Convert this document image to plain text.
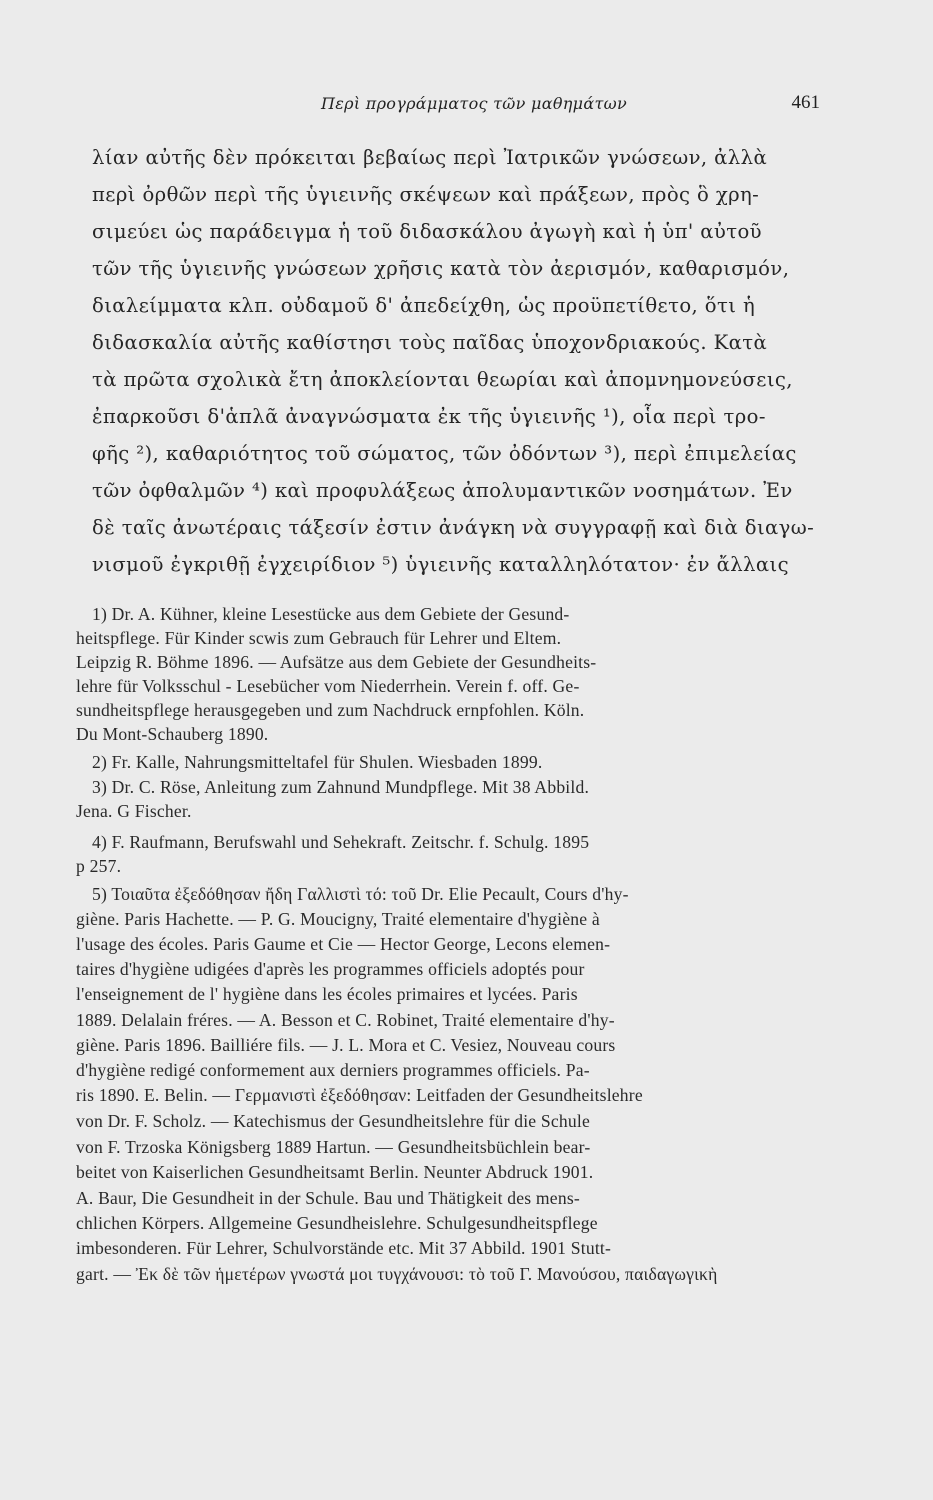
Περὶ προγράμματος τῶν μαθημάτων	461
λίαν αὐτῆς δὲν πρόκειται βεβαίως περὶ Ἰατρικῶν γνώσεων, ἀλλὰ
περὶ ὀρθῶν περὶ τῆς ὑγιεινῆς σκέψεων καὶ πράξεων, πρὸς ὃ χρη-
σιμεύει ὡς παράδειγμα ἡ τοῦ διδασκάλου ἀγωγὴ καὶ ἡ ὑπ' αὐτοῦ
τῶν τῆς ὑγιεινῆς γνώσεων χρῆσις κατὰ τὸν ἀερισμόν, καθαρισμόν,
διαλείμματα κλπ. οὐδαμοῦ δ' ἀπεδείχθη, ὡς προϋπετίθετο, ὅτι ἡ
διδασκαλία αὐτῆς καθίστησι τοὺς παῖδας ὑποχονδριακούς. Κατὰ
τὰ πρῶτα σχολικὰ ἔτη ἀποκλείονται θεωρίαι καὶ ἀπομνημονεύσεις,
ἐπαρκοῦσι δ'ἁπλᾶ ἀναγνώσματα ἐκ τῆς ὑγιεινῆς ¹), οἷα περὶ τρο-
φῆς ²), καθαριότητος τοῦ σώματος, τῶν ὀδόντων ³), περὶ ἐπιμελείας
τῶν ὀφθαλμῶν ⁴) καὶ προφυλάξεως ἀπολυμαντικῶν νοσημάτων. Ἐν
δὲ ταῖς ἀνωτέραις τάξεσίν ἐστιν ἀνάγκη νὰ συγγραφῇ καὶ διὰ διαγω-
νισμοῦ ἐγκριθῇ ἐγχειρίδιον ⁵) ὑγιεινῆς καταλληλότατον· ἐν ἄλλαις
1) Dr. A. Kühner, kleine Lesestücke aus dem Gebiete der Gesund-
heitspflege. Für Kinder scwis zum Gebrauch für Lehrer und Eltem.
Leipzig R. Böhme 1896. — Aufsätze aus dem Gebiete der Gesundheits-
lehre für Volksschul - Lesebücher vom Niederrhein. Verein f. off. Ge-
sundheitspflege herausgegeben und zum Nachdruck ernpfohlen. Köln.
Du Mont-Schauberg 1890.
2) Fr. Kalle, Nahrungsmitteltafel für Shulen. Wiesbaden 1899.
3) Dr. C. Röse, Anleitung zum Zahnund Mundpflege. Mit 38 Abbild.
Jena. G Fischer.
4) F. Raufmann, Berufswahl und Sehekraft. Zeitschr. f. Schulg. 1895
p 257.
5) Τοιαῦτα ἐξεδόθησαν ἤδη Γαλλιστὶ τό: τοῦ Dr. Elie Pecault, Cours d'hy-
giène. Paris Hachette. — P. G. Moucigny, Traité elementaire d'hygiène à
l'usage des écoles. Paris Gaume et Cie — Hector George, Lecons elemen-
taires d'hygiène udigées d'après les programmes officiels adoptés pour
l'enseignement de l' hygiène dans les écoles primaires et lycées. Paris
1889. Delalain fréres. — A. Besson et C. Robinet, Traité elementaire d'hy-
giène. Paris 1896. Bailliére fils. — J. L. Mora et C. Vesiez, Nouveau cours
d'hygiène redigé conformement aux derniers programmes officiels. Pa-
ris 1890. E. Belin. — Γερμανιστὶ ἐξεδόθησαν: Leitfaden der Gesundheitslehre
von Dr. F. Scholz. — Katechismus der Gesundheitslehre für die Schule
von F. Trzoska Königsberg 1889 Hartun. — Gesundheitsbüchlein bear-
beitet von Kaiserlichen Gesundheitsamt Berlin. Neunter Abdruck 1901.
A. Baur, Die Gesundheit in der Schule. Bau und Thätigkeit des mens-
chlichen Körpers. Allgemeine Gesundheislehre. Schulgesundheitspflege
imbesonderen. Für Lehrer, Schulvorstände etc. Mit 37 Abbild. 1901 Stutt-
gart. — Ἐκ δὲ τῶν ἡμετέρων γνωστά μοι τυγχάνουσι: τὸ τοῦ Γ. Μανούσου, παιδαγωγικὴ
